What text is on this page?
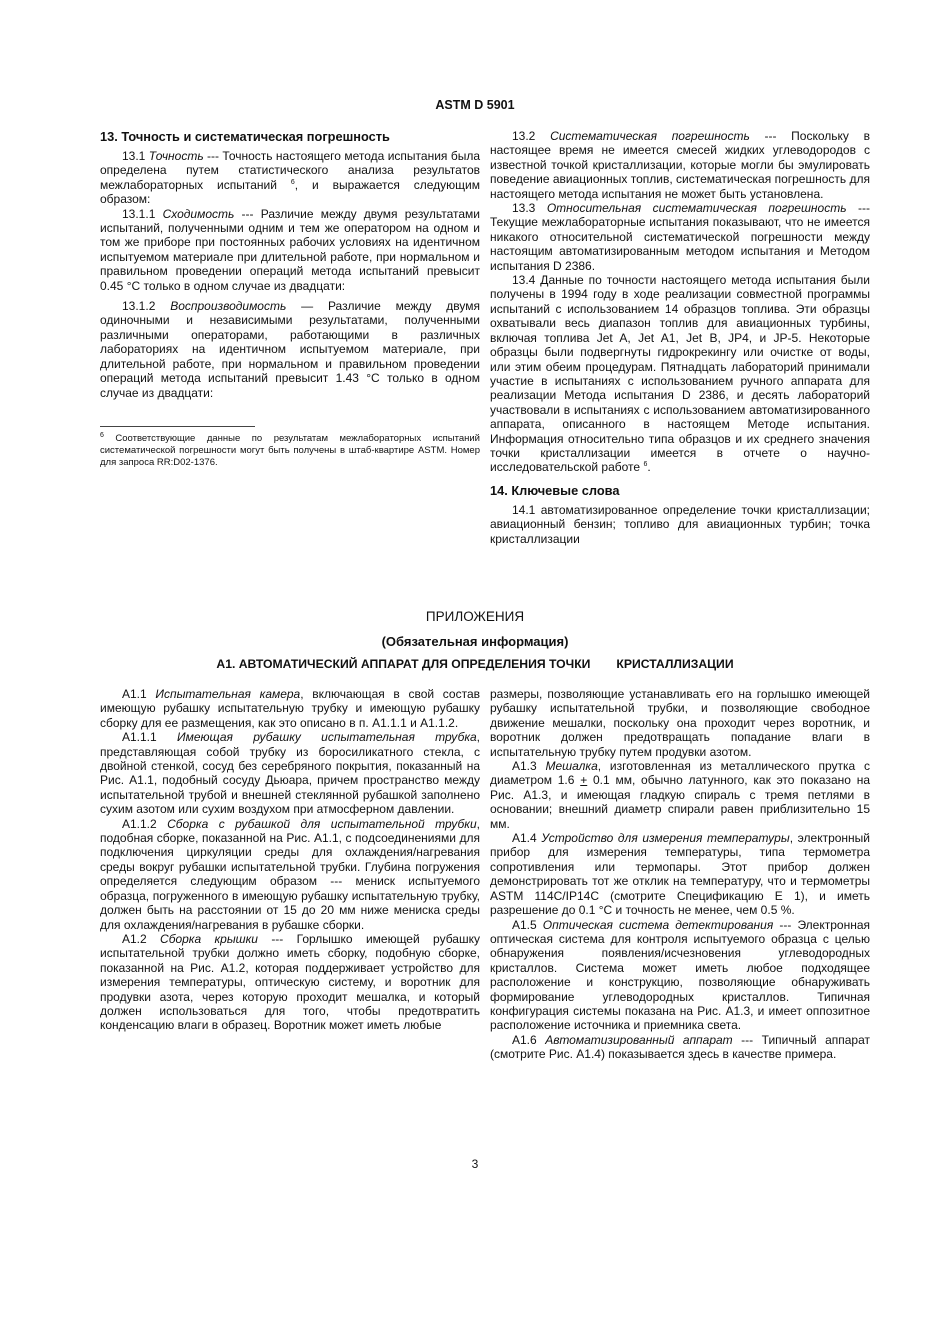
ASTM D 5901
13. Точность и систематическая погрешность

13.1 Точность --- Точность настоящего метода испытания была определена путем статистического анализа результатов межлабораторных испытаний $^6$, и выражается следующим образом:

13.1.1 Сходимость --- Различие между двумя результатами испытаний, полученными одним и тем же оператором на одном и том же приборе при постоянных рабочих условиях на идентичном испытуемом материале при длительной работе, при нормальном и правильном проведении операций метода испытаний превысит 0.45 °С только в одном случае из двадцати:

13.1.2 Воспроизводимость — Различие между двумя одиночными и независимыми результатами, полученными различными операторами, работающими в различных лабораториях на идентичном испытуемом материале, при длительной работе, при нормальном и правильном проведении операций метода испытаний превысит 1.43 °С только в одном случае из двадцати:

$^6$ Соответствующие данные по результатам межлабораторных испытаний систематической погрешности могут быть получены в штаб-квартире ASTM. Номер для запроса RR:D02-1376.

13.2 Систематическая погрешность --- Поскольку в настоящее время не имеется смесей жидких углеводородов с известной точкой кристаллизации, которые могли бы эмулировать поведение авиационных топлив, систематическая погрешность для настоящего метода испытания не может быть установлена.

13.3 Относительная систематическая погрешность --- Текущие межлабораторные испытания показывают, что не имеется никакого относительной систематической погрешности между настоящим автоматизированным методом испытания и Методом испытания D 2386.

13.4 Данные по точности настоящего метода испытания были получены в 1994 году в ходе реализации совместной программы испытаний с использованием 14 образцов топлива. Эти образцы охватывали весь диапазон топлив для авиационных турбины, включая топлива Jet A, Jet A1, Jet B, JP4, и JP-5. Некоторые образцы были подвергнуты гидрокрекингу или очистке от воды, или этим обеим процедурам. Пятнадцать лабораторий принимали участие в испытаниях с использованием ручного аппарата для реализации Метода испытания D 2386, и десять лабораторий участвовали в испытаниях с использованием автоматизированного аппарата, описанного в настоящем Методе испытания. Информация относительно типа образцов и их среднего значения точки кристаллизации имеется в отчете о научно-исследовательской работе $^6$.

14. Ключевые слова

14.1 автоматизированное определение точки кристаллизации; авиационный бензин; топливо для авиационных турбин; точка кристаллизации

ПРИЛОЖЕНИЯ
(Обязательная информация)
А1. АВТОМАТИЧЕСКИЙ АППАРАТ ДЛЯ ОПРЕДЕЛЕНИЯ ТОЧКИ КРИСТАЛЛИЗАЦИИ

А1.1 Испытательная камера, включающая в свой состав имеющую рубашку испытательную трубку и имеющую рубашку сборку для ее размещения, как это описано в п. А1.1.1 и А1.1.2.

А1.1.1 Имеющая рубашку испытательная трубка, представляющая собой трубку из боросиликатного стекла, с двойной стенкой, сосуд без серебряного покрытия, показанный на Рис. А1.1, подобный сосуду Дьюара, причем пространство между испытательной трубой и внешней стеклянной рубашкой заполнено сухим азотом или сухим воздухом при атмосферном давлении.

А1.1.2 Сборка с рубашкой для испытательной трубки, подобная сборке, показанной на Рис. А1.1, с подсоединениями для подключения циркуляции среды для охлаждения/нагревания среды вокруг рубашки испытательной трубки. Глубина погружения определяется следующим образом --- мениск испытуемого образца, погруженного в имеющую рубашку испытательную трубку, должен быть на расстоянии от 15 до 20 мм ниже мениска среды для охлаждения/нагревания в рубашке сборки.

А1.2 Сборка крышки --- Горлышко имеющей рубашку испытательной трубки должно иметь сборку, подобную сборке, показанной на Рис. А1.2, которая поддерживает устройство для измерения температуры, оптическую систему, и воротник для продувки азота, через которую проходит мешалка, и который должен использоваться для того, чтобы предотвратить конденсацию влаги в образец. Воротник может иметь любые

размеры, позволяющие устанавливать его на горлышко имеющей рубашку испытательной трубки, и позволяющие свободное движение мешалки, поскольку она проходит через воротник, и воротник должен предотвращать попадание влаги в испытательную трубку путем продувки азотом.

А1.3 Мешалка, изготовленная из металлического прутка с диаметром 1.6 + 0.1 мм, обычно латунного, как это показано на Рис. А1.3, и имеющая гладкую спираль с тремя петлями в основании; внешний диаметр спирали равен приблизительно 15 мм.

А1.4 Устройство для измерения температуры, электронный прибор для измерения температуры, типа термометра сопротивления или термопары. Этот прибор должен демонстрировать тот же отклик на температуру, что и термометры ASTM 114C/IP14C (смотрите Спецификацию Е 1), и иметь разрешение до 0.1 °С и точность не менее, чем 0.5 %.

А1.5 Оптическая система детектирования --- Электронная оптическая система для контроля испытуемого образца с целью обнаружения появления/исчезновения углеводородных кристаллов. Система может иметь любое подходящее расположение и конструкцию, позволяющие обнаруживать формирование углеводородных кристаллов. Типичная конфигурация системы показана на Рис. А1.3, и имеет оппозитное расположение источника и приемника света.

А1.6 Автоматизированный аппарат --- Типичный аппарат (смотрите Рис. А1.4) показывается здесь в качестве примера.

3
